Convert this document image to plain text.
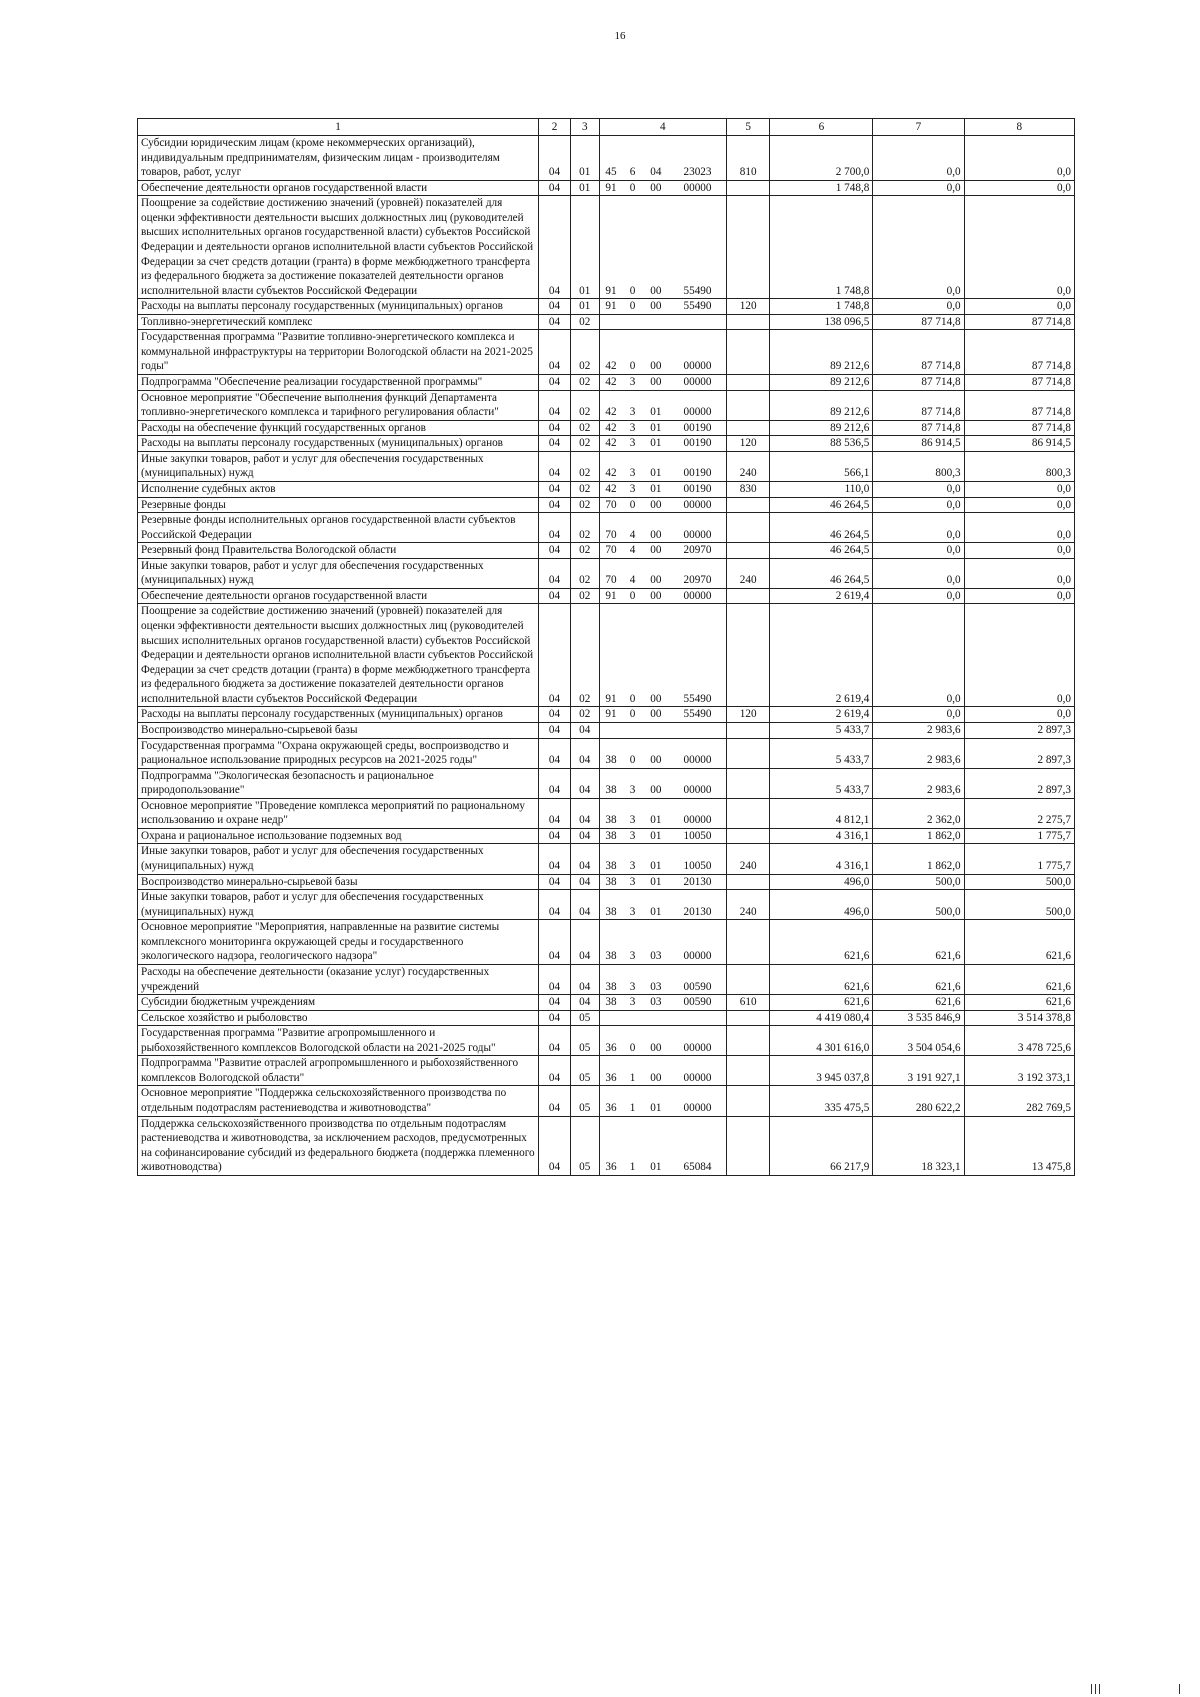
16
1	2	3	4				5	6	7	8
Субсидии юридическим лицам (кроме некоммерческих организаций), индивидуальным предпринимателям, физическим лицам - производителям товаров, работ, услуг	04	01	45	6	04	23023	810	2 700,0	0,0	0,0
Обеспечение деятельности органов государственной власти	04	01	91	0	00	00000		1 748,8	0,0	0,0
Поощрение за содействие достижению значений (уровней) показателей для оценки эффективности деятельности высших должностных лиц (руководителей высших исполнительных органов государственной власти) субъектов Российской Федерации и деятельности органов исполнительной власти субъектов Российской Федерации за счет средств дотации (гранта) в форме межбюджетного трансферта из федерального бюджета за достижение показателей деятельности органов исполнительной власти субъектов Российской Федерации	04	01	91	0	00	55490		1 748,8	0,0	0,0
Расходы на выплаты персоналу государственных (муниципальных) органов	04	01	91	0	00	55490	120	1 748,8	0,0	0,0
Топливно-энергетический комплекс	04	02						138 096,5	87 714,8	87 714,8
Государственная программа "Развитие топливно-энергетического комплекса и коммунальной инфраструктуры на территории Вологодской области на 2021-2025 годы"	04	02	42	0	00	00000		89 212,6	87 714,8	87 714,8
Подпрограмма "Обеспечение реализации государственной программы"	04	02	42	3	00	00000		89 212,6	87 714,8	87 714,8
Основное мероприятие "Обеспечение выполнения функций Департамента топливно-энергетического комплекса и тарифного регулирования области"	04	02	42	3	01	00000		89 212,6	87 714,8	87 714,8
Расходы на обеспечение функций государственных органов	04	02	42	3	01	00190		89 212,6	87 714,8	87 714,8
Расходы на выплаты персоналу государственных (муниципальных) органов	04	02	42	3	01	00190	120	88 536,5	86 914,5	86 914,5
Иные закупки товаров, работ и услуг для обеспечения государственных (муниципальных) нужд	04	02	42	3	01	00190	240	566,1	800,3	800,3
Исполнение судебных актов	04	02	42	3	01	00190	830	110,0	0,0	0,0
Резервные фонды	04	02	70	0	00	00000		46 264,5	0,0	0,0
Резервные фонды исполнительных органов государственной власти субъектов Российской Федерации	04	02	70	4	00	00000		46 264,5	0,0	0,0
Резервный фонд Правительства Вологодской области	04	02	70	4	00	20970		46 264,5	0,0	0,0
Иные закупки товаров, работ и услуг для обеспечения государственных (муниципальных) нужд	04	02	70	4	00	20970	240	46 264,5	0,0	0,0
Обеспечение деятельности органов государственной власти	04	02	91	0	00	00000		2 619,4	0,0	0,0
Поощрение за содействие достижению значений (уровней) показателей для оценки эффективности деятельности высших должностных лиц (руководителей высших исполнительных органов государственной власти) субъектов Российской Федерации и деятельности органов исполнительной власти субъектов Российской Федерации за счет средств дотации (гранта) в форме межбюджетного трансферта из федерального бюджета за достижение показателей деятельности органов исполнительной власти субъектов Российской Федерации	04	02	91	0	00	55490		2 619,4	0,0	0,0
Расходы на выплаты персоналу государственных (муниципальных) органов	04	02	91	0	00	55490	120	2 619,4	0,0	0,0
Воспроизводство минерально-сырьевой базы	04	04						5 433,7	2 983,6	2 897,3
Государственная программа "Охрана окружающей среды, воспроизводство и рациональное использование природных ресурсов на 2021-2025 годы"	04	04	38	0	00	00000		5 433,7	2 983,6	2 897,3
Подпрограмма "Экологическая безопасность и рациональное природопользование"	04	04	38	3	00	00000		5 433,7	2 983,6	2 897,3
Основное мероприятие "Проведение комплекса мероприятий по рациональному использованию и охране недр"	04	04	38	3	01	00000		4 812,1	2 362,0	2 275,7
Охрана и рациональное использование подземных вод	04	04	38	3	01	10050		4 316,1	1 862,0	1 775,7
Иные закупки товаров, работ и услуг для обеспечения государственных (муниципальных) нужд	04	04	38	3	01	10050	240	4 316,1	1 862,0	1 775,7
Воспроизводство минерально-сырьевой базы	04	04	38	3	01	20130		496,0	500,0	500,0
Иные закупки товаров, работ и услуг для обеспечения государственных (муниципальных) нужд	04	04	38	3	01	20130	240	496,0	500,0	500,0
Основное мероприятие "Мероприятия, направленные на развитие системы комплексного мониторинга окружающей среды и государственного экологического надзора, геологического надзора"	04	04	38	3	03	00000		621,6	621,6	621,6
Расходы на обеспечение деятельности (оказание услуг) государственных учреждений	04	04	38	3	03	00590		621,6	621,6	621,6
Субсидии бюджетным учреждениям	04	04	38	3	03	00590	610	621,6	621,6	621,6
Сельское хозяйство и рыболовство	04	05						4 419 080,4	3 535 846,9	3 514 378,8
Государственная программа "Развитие агропромышленного и рыбохозяйственного комплексов Вологодской области на 2021-2025 годы"	04	05	36	0	00	00000		4 301 616,0	3 504 054,6	3 478 725,6
Подпрограмма "Развитие отраслей агропромышленного и рыбохозяйственного комплексов Вологодской области"	04	05	36	1	00	00000		3 945 037,8	3 191 927,1	3 192 373,1
Основное мероприятие "Поддержка сельскохозяйственного производства по отдельным подотраслям растениеводства и животноводства"	04	05	36	1	01	00000		335 475,5	280 622,2	282 769,5
Поддержка сельскохозяйственного производства по отдельным подотраслям растениеводства и животноводства, за исключением расходов, предусмотренных на софинансирование субсидий из федерального бюджета (поддержка племенного животноводства)	04	05	36	1	01	65084		66 217,9	18 323,1	13 475,8
